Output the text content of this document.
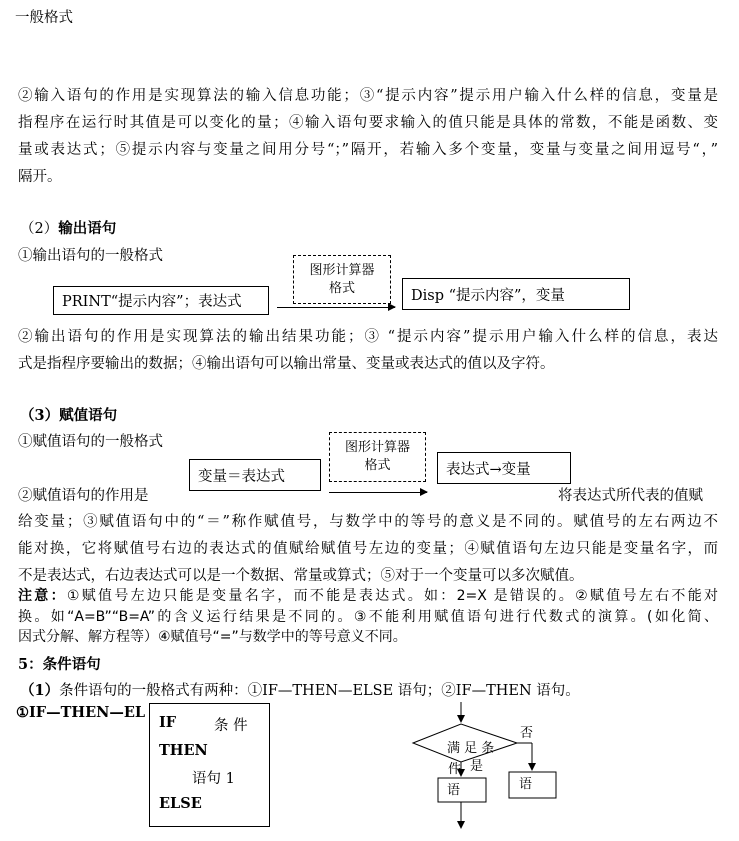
一般格式
②输入语句的作用是实现算法的输入信息功能；③“提示内容”提示用户输入什么样的信息，变量是
指程序在运行时其值是可以变化的量；④输入语句要求输入的值只能是具体的常数，不能是函数、变
量或表达式；⑤提示内容与变量之间用分号“；”隔开，若输入多个变量，变量与变量之间用逗号“，”
隔开。
（2）输出语句
①输出语句的一般格式
PRINT“提示内容”；表达式
图形计算器
格式	Disp “提示内容”，变量
②输出语句的作用是实现算法的输出结果功能；③ “提示内容”提示用户输入什么样的信息，表达
式是指程序要输出的数据；④输出语句可以输出常量、变量或表达式的值以及字符。
（3）赋值语句
①赋值语句的一般格式
变量＝表达式
图形计算器
格式	表达式→变量
②赋值语句的作用是	将表达式所代表的值赋
给变量；③赋值语句中的“＝”称作赋值号，与数学中的等号的意义是不同的。赋值号的左右两边不
能对换，它将赋值号右边的表达式的值赋给赋值号左边的变量；④赋值语句左边只能是变量名字，而
不是表达式，右边表达式可以是一个数据、常量或算式；⑤对于一个变量可以多次赋值。
注意：①赋值号左边只能是变量名字，而不能是表达式。如：2=X 是错误的。②赋值号左右不能对
换。如“A=B”“B=A”的含义运行结果是不同的。③不能利用赋值语句进行代数式的演算。(如化简、
因式分解、解方程等）④赋值号“=”与数学中的等号意义不同。
5：条件语句
（1）条件语句的一般格式有两种：①IF—THEN—ELSE 语句；②IF—THEN 语句。
①IF—THEN—EL
IF	条 件
THEN
语句 1
ELSE
满 足 条
件 是
否
语	语
